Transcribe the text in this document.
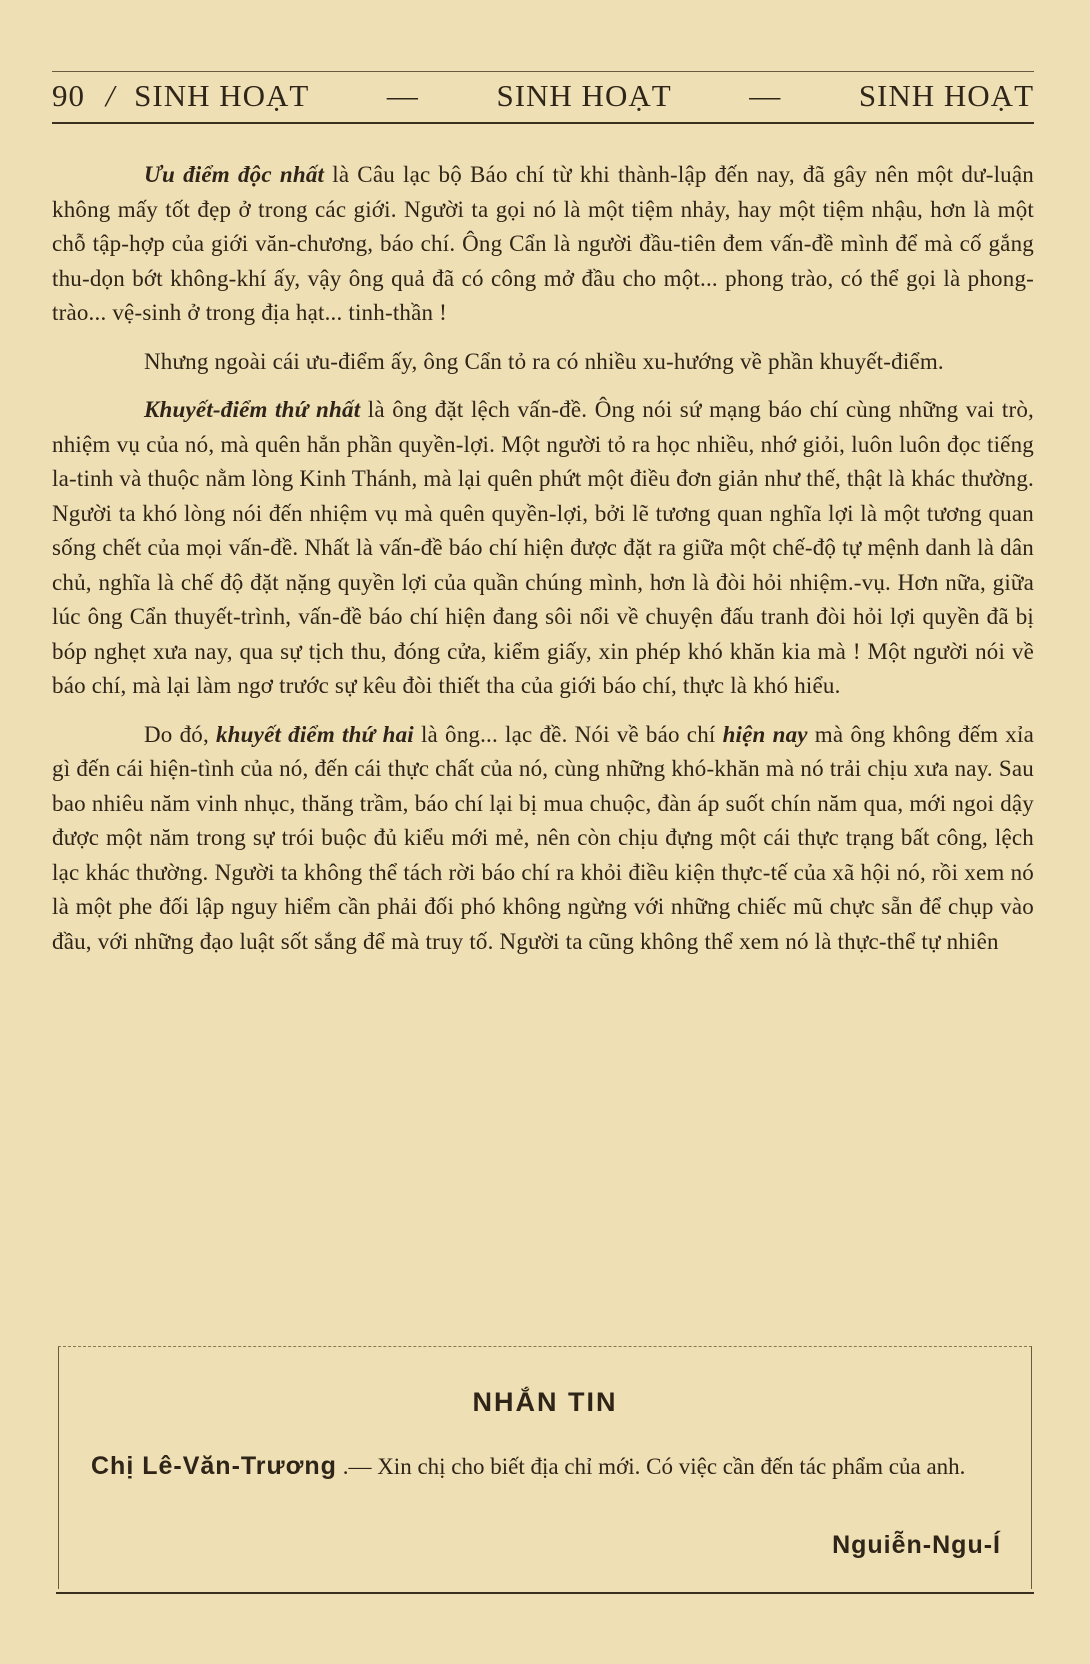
90 / SINH HOẠT	—	SINH HOẠT	—	SINH HOẠT

Ưu điểm độc nhất là Câu lạc bộ Báo chí từ khi thành-lập đến nay, đã gây nên một dư-luận không mấy tốt đẹp ở trong các giới. Người ta gọi nó là một tiệm nhảy, hay một tiệm nhậu, hơn là một chỗ tập-hợp của giới văn-chương, báo chí. Ông Cẩn là người đầu-tiên đem vấn-đề mình để mà cố gắng thu-dọn bớt không-khí ấy, vậy ông quả đã có công mở đầu cho một... phong trào, có thể gọi là phong-trào... vệ-sinh ở trong địa hạt... tinh-thần !

Nhưng ngoài cái ưu-điểm ấy, ông Cẩn tỏ ra có nhiều xu-hướng về phần khuyết-điểm.

Khuyết-điểm thứ nhất là ông đặt lệch vấn-đề. Ông nói sứ mạng báo chí cùng những vai trò, nhiệm vụ của nó, mà quên hẳn phần quyền-lợi. Một người tỏ ra học nhiều, nhớ giỏi, luôn luôn đọc tiếng la-tinh và thuộc nằm lòng Kinh Thánh, mà lại quên phứt một điều đơn giản như thế, thật là khác thường. Người ta khó lòng nói đến nhiệm vụ mà quên quyền-lợi, bởi lẽ tương quan nghĩa lợi là một tương quan sống chết của mọi vấn-đề. Nhất là vấn-đề báo chí hiện được đặt ra giữa một chế-độ tự mệnh danh là dân chủ, nghĩa là chế độ đặt nặng quyền lợi của quần chúng mình, hơn là đòi hỏi nhiệm.-vụ. Hơn nữa, giữa lúc ông Cẩn thuyết-trình, vấn-đề báo chí hiện đang sôi nổi về chuyện đấu tranh đòi hỏi lợi quyền đã bị bóp nghẹt xưa nay, qua sự tịch thu, đóng cửa, kiểm giấy, xin phép khó khăn kia mà ! Một người nói về báo chí, mà lại làm ngơ trước sự kêu đòi thiết tha của giới báo chí, thực là khó hiểu.

Do đó, khuyết điểm thứ hai là ông... lạc đề. Nói về báo chí hiện nay mà ông không đếm xỉa gì đến cái hiện-tình của nó, đến cái thực chất của nó, cùng những khó-khăn mà nó trải chịu xưa nay. Sau bao nhiêu năm vinh nhục, thăng trầm, báo chí lại bị mua chuộc, đàn áp suốt chín năm qua, mới ngoi dậy được một năm trong sự trói buộc đủ kiểu mới mẻ, nên còn chịu đựng một cái thực trạng bất công, lệch lạc khác thường. Người ta không thể tách rời báo chí ra khỏi điều kiện thực-tế của xã hội nó, rồi xem nó là một phe đối lập nguy hiểm cần phải đối phó không ngừng với những chiếc mũ chực sẵn để chụp vào đầu, với những đạo luật sốt sắng để mà truy tố. Người ta cũng không thể xem nó là thực-thể tự nhiên

NHẮN TIN
Chị Lê-Văn-Trương .— Xin chị cho biết địa chỉ mới. Có việc cần đến tác phẩm của anh.
Nguiễn-Ngu-Í
